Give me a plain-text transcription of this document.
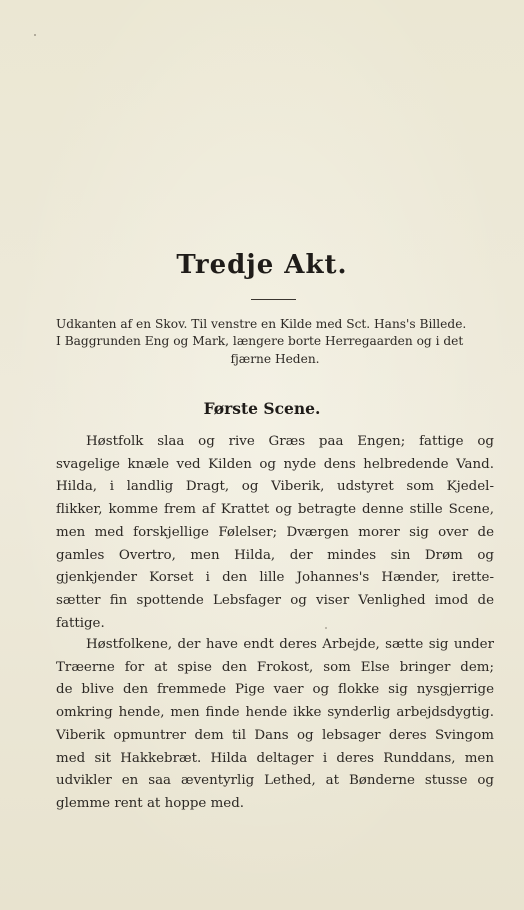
Tredje Akt.
Udkanten af en Skov. Til venstre en Kilde med Sct. Hans's Billede.
I Baggrunden Eng og Mark, længere borte Herregaarden og i det
fjærne Heden.
Første Scene.
Høstfolk slaa og rive Græs paa Engen; fattige og
svagelige knæle ved Kilden og nyde dens helbredende Vand.
Hilda, i landlig Dragt, og Viberik, udstyret som Kjedel-
flikker, komme frem af Krattet og betragte denne stille Scene,
men med forskjellige Følelser; Dværgen morer sig over de
gamles Overtro, men Hilda, der mindes sin Drøm og
gjenkjender Korset i den lille Johannes's Hænder, irette-
sætter fin spottende Lebsfager og viser Venlighed imod de
fattige.
Høstfolkene, der have endt deres Arbejde, sætte sig under
Træerne for at spise den Frokost, som Else bringer dem;
de blive den fremmede Pige vaer og flokke sig nysgjerrige
omkring hende, men finde hende ikke synderlig arbejdsdygtig.
Viberik opmuntrer dem til Dans og lebsager deres Svingom
med sit Hakkebræt. Hilda deltager i deres Runddans, men
udvikler en saa æventyrlig Lethed, at Bønderne stusse og
glemme rent at hoppe med.
